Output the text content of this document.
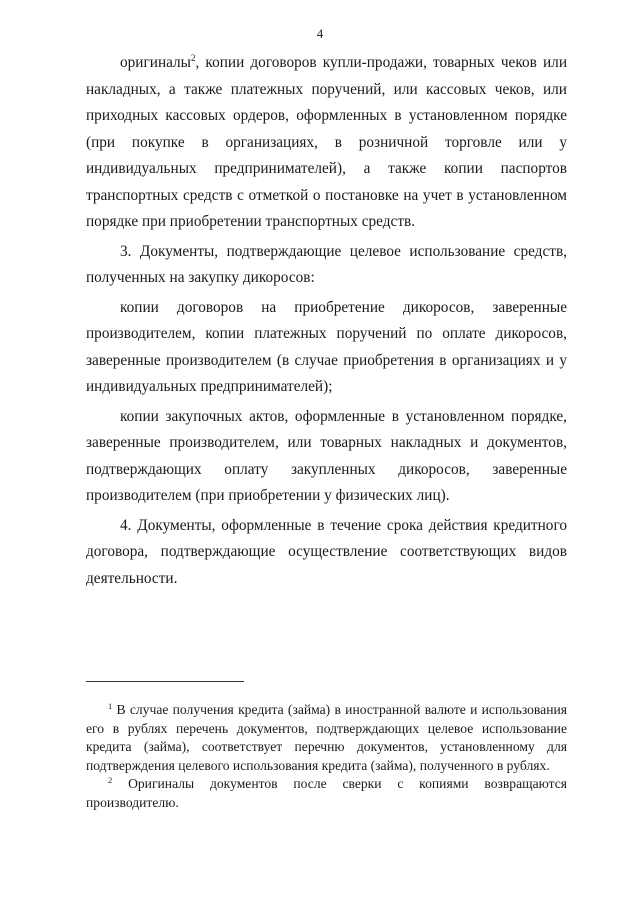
4

оригиналы$^2$, копии договоров купли-продажи, товарных чеков или накладных, а также платежных поручений, или кассовых чеков, или приходных кассовых ордеров, оформленных в установленном порядке (при покупке в организациях, в розничной торговле или у индивидуальных предпринимателей), а также копии паспортов транспортных средств с отметкой о постановке на учет в установленном порядке при приобретении транспортных средств.

3. Документы, подтверждающие целевое использование средств, полученных на закупку дикоросов:

копии договоров на приобретение дикоросов, заверенные производителем, копии платежных поручений по оплате дикоросов, заверенные производителем (в случае приобретения в организациях и у индивидуальных предпринимателей);

копии закупочных актов, оформленные в установленном порядке, заверенные производителем, или товарных накладных и документов, подтверждающих оплату закупленных дикоросов, заверенные производителем (при приобретении у физических лиц).

4. Документы, оформленные в течение срока действия кредитного договора, подтверждающие осуществление соответствующих видов деятельности.

$^1$ В случае получения кредита (займа) в иностранной валюте и использования его в рублях перечень документов, подтверждающих целевое использование кредита (займа), соответствует перечню документов, установленному для подтверждения целевого использования кредита (займа), полученного в рублях.

$^2$ Оригиналы документов после сверки с копиями возвращаются производителю.
